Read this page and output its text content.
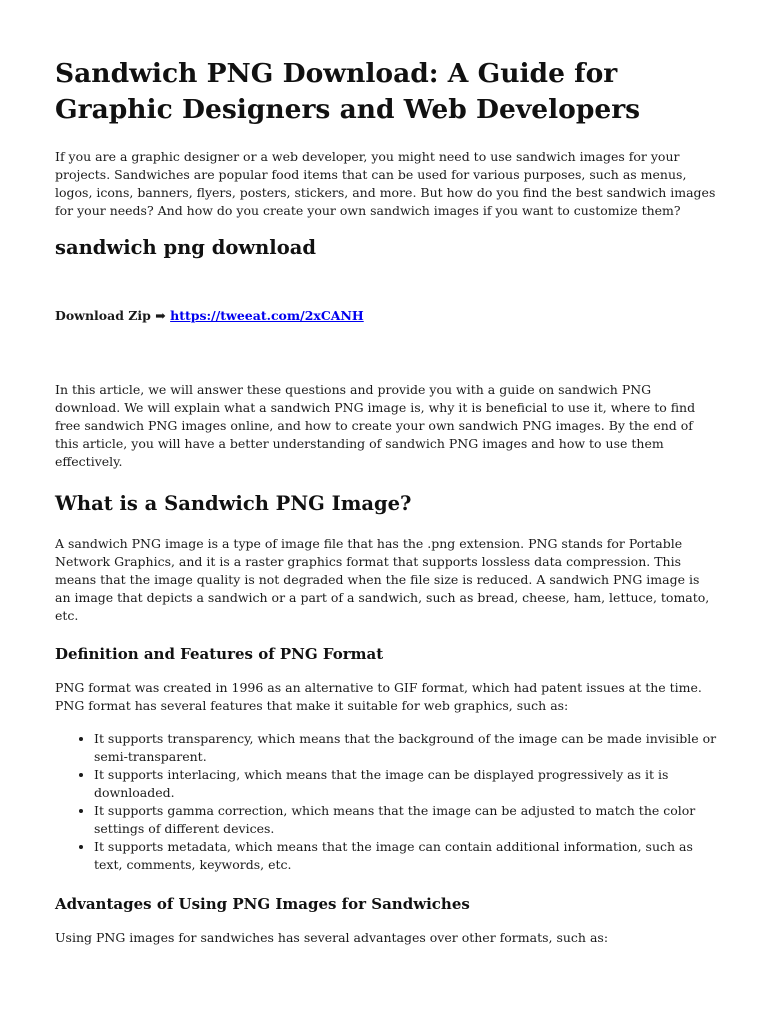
Sandwich PNG Download: A Guide for Graphic Designers and Web Developers

If you are a graphic designer or a web developer, you might need to use sandwich images for your projects. Sandwiches are popular food items that can be used for various purposes, such as menus, logos, icons, banners, flyers, posters, stickers, and more. But how do you find the best sandwich images for your needs? And how do you create your own sandwich images if you want to customize them?

sandwich png download
Download Zip ➡ https://tweeat.com/2xCANH

In this article, we will answer these questions and provide you with a guide on sandwich PNG download. We will explain what a sandwich PNG image is, why it is beneficial to use it, where to find free sandwich PNG images online, and how to create your own sandwich PNG images. By the end of this article, you will have a better understanding of sandwich PNG images and how to use them effectively.

What is a Sandwich PNG Image?

A sandwich PNG image is a type of image file that has the .png extension. PNG stands for Portable Network Graphics, and it is a raster graphics format that supports lossless data compression. This means that the image quality is not degraded when the file size is reduced. A sandwich PNG image is an image that depicts a sandwich or a part of a sandwich, such as bread, cheese, ham, lettuce, tomato, etc.

Definition and Features of PNG Format

PNG format was created in 1996 as an alternative to GIF format, which had patent issues at the time. PNG format has several features that make it suitable for web graphics, such as:

• It supports transparency, which means that the background of the image can be made invisible or semi-transparent.
• It supports interlacing, which means that the image can be displayed progressively as it is downloaded.
• It supports gamma correction, which means that the image can be adjusted to match the color settings of different devices.
• It supports metadata, which means that the image can contain additional information, such as text, comments, keywords, etc.
Advantages of Using PNG Images for Sandwiches

Using PNG images for sandwiches has several advantages over other formats, such as:
